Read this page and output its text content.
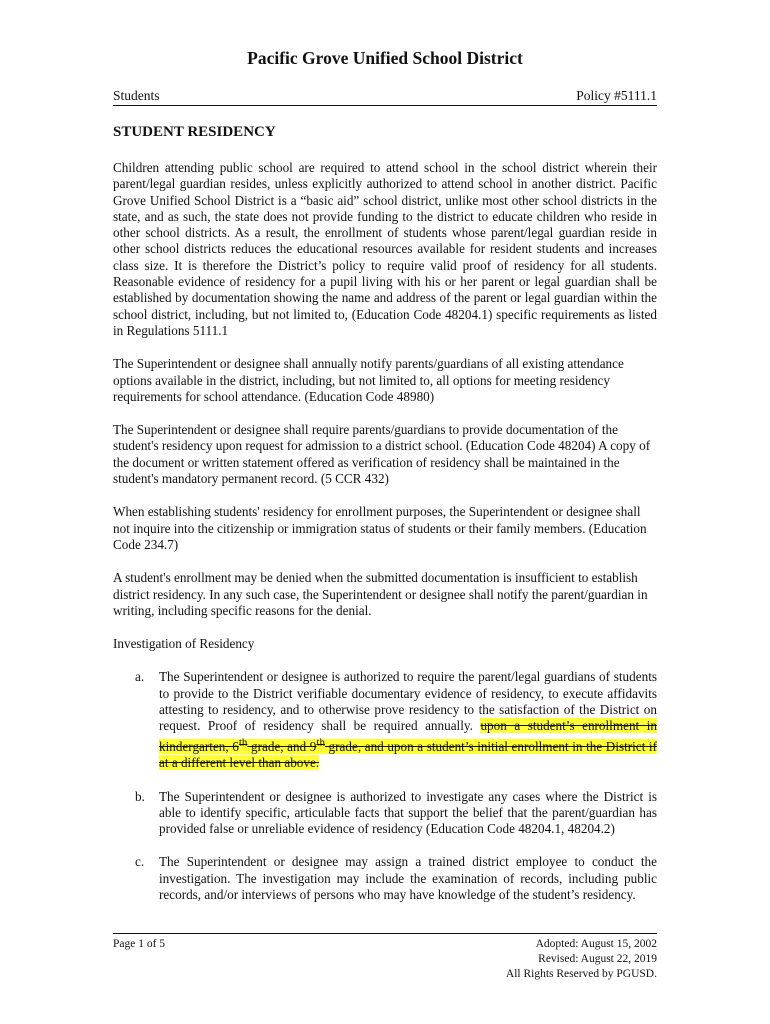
Pacific Grove Unified School District
Students	Policy #5111.1
STUDENT RESIDENCY

Children attending public school are required to attend school in the school district wherein their parent/legal guardian resides, unless explicitly authorized to attend school in another district. Pacific Grove Unified School District is a “basic aid” school district, unlike most other school districts in the state, and as such, the state does not provide funding to the district to educate children who reside in other school districts. As a result, the enrollment of students whose parent/legal guardian reside in other school districts reduces the educational resources available for resident students and increases class size. It is therefore the District’s policy to require valid proof of residency for all students. Reasonable evidence of residency for a pupil living with his or her parent or legal guardian shall be established by documentation showing the name and address of the parent or legal guardian within the school district, including, but not limited to, (Education Code 48204.1) specific requirements as listed in Regulations 5111.1

The Superintendent or designee shall annually notify parents/guardians of all existing attendance options available in the district, including, but not limited to, all options for meeting residency requirements for school attendance. (Education Code 48980)

The Superintendent or designee shall require parents/guardians to provide documentation of the student's residency upon request for admission to a district school. (Education Code 48204) A copy of the document or written statement offered as verification of residency shall be maintained in the student's mandatory permanent record. (5 CCR 432)

When establishing students' residency for enrollment purposes, the Superintendent or designee shall not inquire into the citizenship or immigration status of students or their family members. (Education Code 234.7)

A student's enrollment may be denied when the submitted documentation is insufficient to establish district residency. In any such case, the Superintendent or designee shall notify the parent/guardian in writing, including specific reasons for the denial.

Investigation of Residency

a. The Superintendent or designee is authorized to require the parent/legal guardians of students to provide to the District verifiable documentary evidence of residency, to execute affidavits attesting to residency, and to otherwise prove residency to the satisfaction of the District on request. Proof of residency shall be required annually. upon a student’s enrollment in kindergarten, 6th grade, and 9th grade, and upon a student’s initial enrollment in the District if at a different level than above.
b. The Superintendent or designee is authorized to investigate any cases where the District is able to identify specific, articulable facts that support the belief that the parent/guardian has provided false or unreliable evidence of residency (Education Code 48204.1, 48204.2)
c. The Superintendent or designee may assign a trained district employee to conduct the investigation. The investigation may include the examination of records, including public records, and/or interviews of persons who may have knowledge of the student’s residency.
Page 1 of 5	Adopted: August 15, 2002
Revised: August 22, 2019
All Rights Reserved by PGUSD.
